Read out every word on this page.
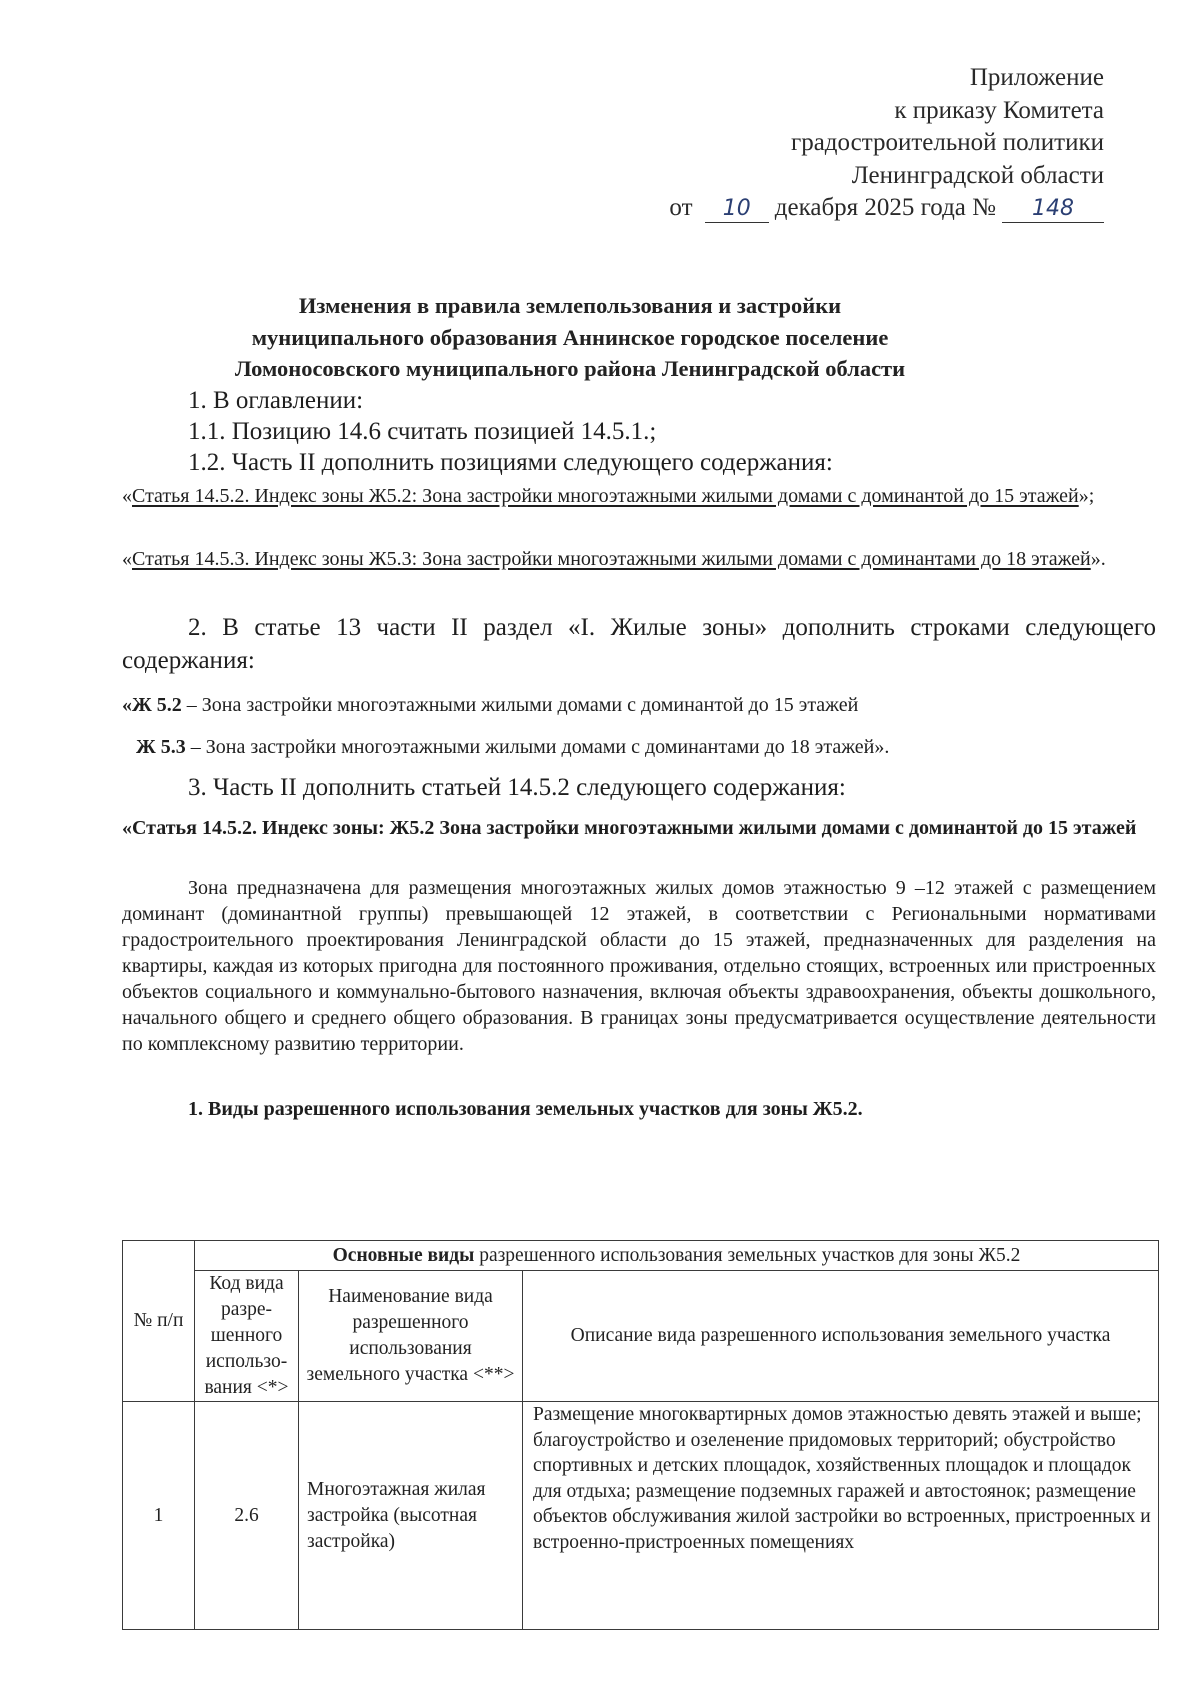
Приложение
к приказу Комитета
градостроительной политики
Ленинградской области
от 10 декабря 2025 года № 148
Изменения в правила землепользования и застройки
муниципального образования Аннинское городское поселение
Ломоносовского муниципального района Ленинградской области
1. В оглавлении:
1.1. Позицию 14.6 считать позицией 14.5.1.;
1.2. Часть II дополнить позициями следующего содержания:
«Статья 14.5.2. Индекс зоны Ж5.2: Зона застройки многоэтажными жилыми домами с доминантой до 15 этажей»;
«Статья 14.5.3. Индекс зоны Ж5.3: Зона застройки многоэтажными жилыми домами с доминантами до 18 этажей».
2. В статье 13 части II раздел «I. Жилые зоны» дополнить строками следующего содержания:
«Ж 5.2 – Зона застройки многоэтажными жилыми домами с доминантой до 15 этажей
Ж 5.3 – Зона застройки многоэтажными жилыми домами с доминантами до 18 этажей».
3. Часть II дополнить статьей 14.5.2 следующего содержания:
«Статья 14.5.2. Индекс зоны: Ж5.2 Зона застройки многоэтажными жилыми домами с доминантой до 15 этажей
Зона предназначена для размещения многоэтажных жилых домов этажностью 9 –12 этажей с размещением доминант (доминантной группы) превышающей 12 этажей, в соответствии с Региональными нормативами градостроительного проектирования Ленинградской области до 15 этажей, предназначенных для разделения на квартиры, каждая из которых пригодна для постоянного проживания, отдельно стоящих, встроенных или пристроенных объектов социального и коммунально-бытового назначения, включая объекты здравоохранения, объекты дошкольного, начального общего и среднего общего образования. В границах зоны предусматривается осуществление деятельности по комплексному развитию территории.
1. Виды разрешенного использования земельных участков для зоны Ж5.2.
№ п/п	Основные виды разрешенного использования земельных участков для зоны Ж5.2		
	Код вида разре-шенного использо-вания <*>	Наименование вида разрешенного использования земельного участка <**>	Описание вида разрешенного использования земельного участка
1	2.6	Многоэтажная жилая застройка (высотная застройка)	Размещение многоквартирных домов этажностью девять этажей и выше; благоустройство и озеленение придомовых территорий; обустройство спортивных и детских площадок, хозяйственных площадок и площадок для отдыха; размещение подземных гаражей и автостоянок; размещение объектов обслуживания жилой застройки во встроенных, пристроенных и встроенно-пристроенных помещениях
